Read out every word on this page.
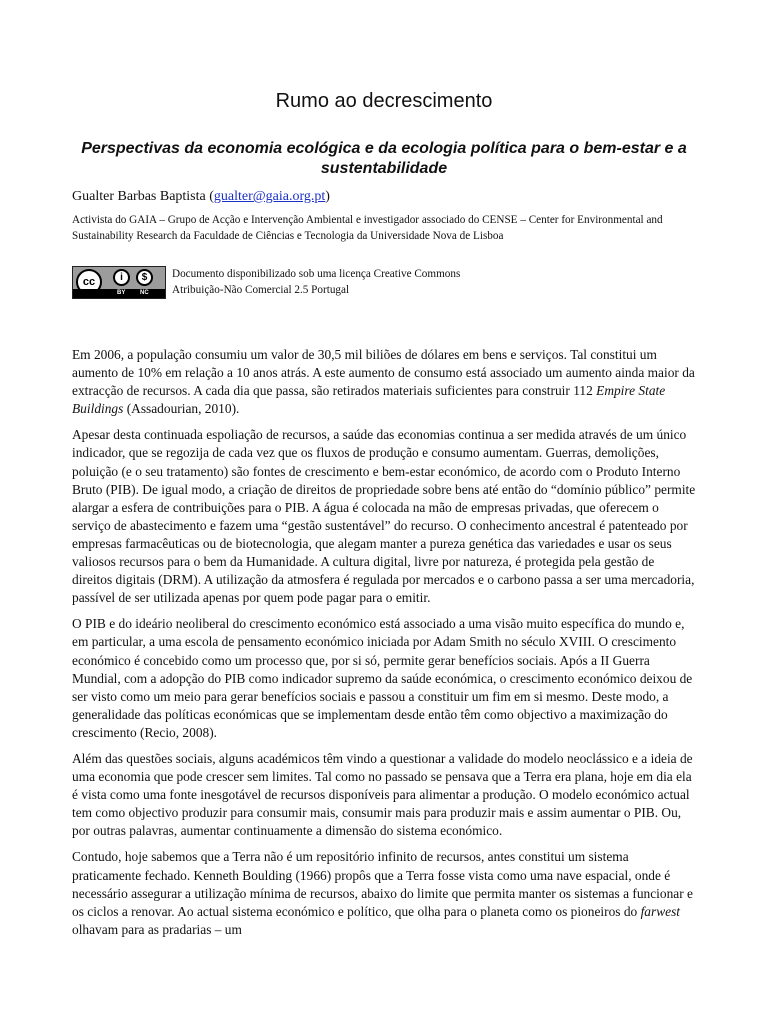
Rumo ao decrescimento
Perspectivas da economia ecológica e da ecologia política para o bem-estar e a sustentabilidade
Gualter Barbas Baptista (gualter@gaia.org.pt)
Activista do GAIA – Grupo de Acção e Intervenção Ambiental e investigador associado do CENSE – Center for Environmental and Sustainability Research da Faculdade de Ciências e Tecnologia da Universidade Nova de Lisboa
cc	i	$
BY NC
Documento disponibilizado sob uma licença Creative Commons
Atribuição-Não Comercial 2.5 Portugal

Em 2006, a população consumiu um valor de 30,5 mil biliões de dólares em bens e serviços. Tal constitui um aumento de 10% em relação a 10 anos atrás. A este aumento de consumo está associado um aumento ainda maior da extracção de recursos. A cada dia que passa, são retirados materiais suficientes para construir 112 Empire State Buildings (Assadourian, 2010).

Apesar desta continuada espoliação de recursos, a saúde das economias continua a ser medida através de um único indicador, que se regozija de cada vez que os fluxos de produção e consumo aumentam. Guerras, demolições, poluição (e o seu tratamento) são fontes de crescimento e bem-estar económico, de acordo com o Produto Interno Bruto (PIB). De igual modo, a criação de direitos de propriedade sobre bens até então do “domínio público” permite alargar a esfera de contribuições para o PIB. A água é colocada na mão de empresas privadas, que oferecem o serviço de abastecimento e fazem uma “gestão sustentável” do recurso. O conhecimento ancestral é patenteado por empresas farmacêuticas ou de biotecnologia, que alegam manter a pureza genética das variedades e usar os seus valiosos recursos para o bem da Humanidade. A cultura digital, livre por natureza, é protegida pela gestão de direitos digitais (DRM). A utilização da atmosfera é regulada por mercados e o carbono passa a ser uma mercadoria, passível de ser utilizada apenas por quem pode pagar para o emitir.

O PIB e do ideário neoliberal do crescimento económico está associado a uma visão muito específica do mundo e, em particular, a uma escola de pensamento económico iniciada por Adam Smith no século XVIII. O crescimento económico é concebido como um processo que, por si só, permite gerar benefícios sociais. Após a II Guerra Mundial, com a adopção do PIB como indicador supremo da saúde económica, o crescimento económico deixou de ser visto como um meio para gerar benefícios sociais e passou a constituir um fim em si mesmo. Deste modo, a generalidade das políticas económicas que se implementam desde então têm como objectivo a maximização do crescimento (Recio, 2008).

Além das questões sociais, alguns académicos têm vindo a questionar a validade do modelo neoclássico e a ideia de uma economia que pode crescer sem limites. Tal como no passado se pensava que a Terra era plana, hoje em dia ela é vista como uma fonte inesgotável de recursos disponíveis para alimentar a produção. O modelo económico actual tem como objectivo produzir para consumir mais, consumir mais para produzir mais e assim aumentar o PIB. Ou, por outras palavras, aumentar continuamente a dimensão do sistema económico.

Contudo, hoje sabemos que a Terra não é um repositório infinito de recursos, antes constitui um sistema praticamente fechado. Kenneth Boulding (1966) propôs que a Terra fosse vista como uma nave espacial, onde é necessário assegurar a utilização mínima de recursos, abaixo do limite que permita manter os sistemas a funcionar e os ciclos a renovar. Ao actual sistema económico e político, que olha para o planeta como os pioneiros do farwest olhavam para as pradarias – um
